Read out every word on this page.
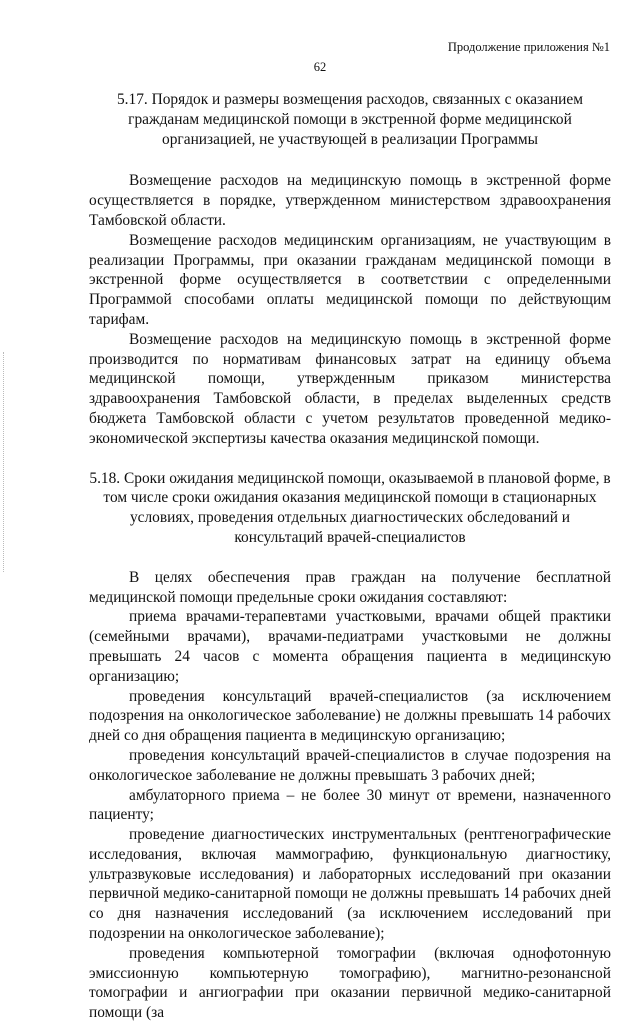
Продолжение приложения №1
62

5.17. Порядок и размеры возмещения расходов, связанных с оказанием гражданам медицинской помощи в экстренной форме медицинской организацией, не участвующей в реализации Программы

Возмещение расходов на медицинскую помощь в экстренной форме осуществляется в порядке, утвержденном министерством здравоохранения Тамбовской области.

Возмещение расходов медицинским организациям, не участвующим в реализации Программы, при оказании гражданам медицинской помощи в экстренной форме осуществляется в соответствии с определенными Программой способами оплаты медицинской помощи по действующим тарифам.

Возмещение расходов на медицинскую помощь в экстренной форме производится по нормативам финансовых затрат на единицу объема медицинской помощи, утвержденным приказом министерства здравоохранения Тамбовской области, в пределах выделенных средств бюджета Тамбовской области с учетом результатов проведенной медико-экономической экспертизы качества оказания медицинской помощи.

5.18. Сроки ожидания медицинской помощи, оказываемой в плановой форме, в том числе сроки ожидания оказания медицинской помощи в стационарных условиях, проведения отдельных диагностических обследований и консультаций врачей-специалистов

В целях обеспечения прав граждан на получение бесплатной медицинской помощи предельные сроки ожидания составляют:

приема врачами-терапевтами участковыми, врачами общей практики (семейными врачами), врачами-педиатрами участковыми не должны превышать 24 часов с момента обращения пациента в медицинскую организацию;

проведения консультаций врачей-специалистов (за исключением подозрения на онкологическое заболевание) не должны превышать 14 рабочих дней со дня обращения пациента в медицинскую организацию;

проведения консультаций врачей-специалистов в случае подозрения на онкологическое заболевание не должны превышать 3 рабочих дней;

амбулаторного приема – не более 30 минут от времени, назначенного пациенту;

проведение диагностических инструментальных (рентгенографические исследования, включая маммографию, функциональную диагностику, ультразвуковые исследования) и лабораторных исследований при оказании первичной медико-санитарной помощи не должны превышать 14 рабочих дней со дня назначения исследований (за исключением исследований при подозрении на онкологическое заболевание);

проведения компьютерной томографии (включая однофотонную эмиссионную компьютерную томографию), магнитно-резонансной томографии и ангиографии при оказании первичной медико-санитарной помощи (за
